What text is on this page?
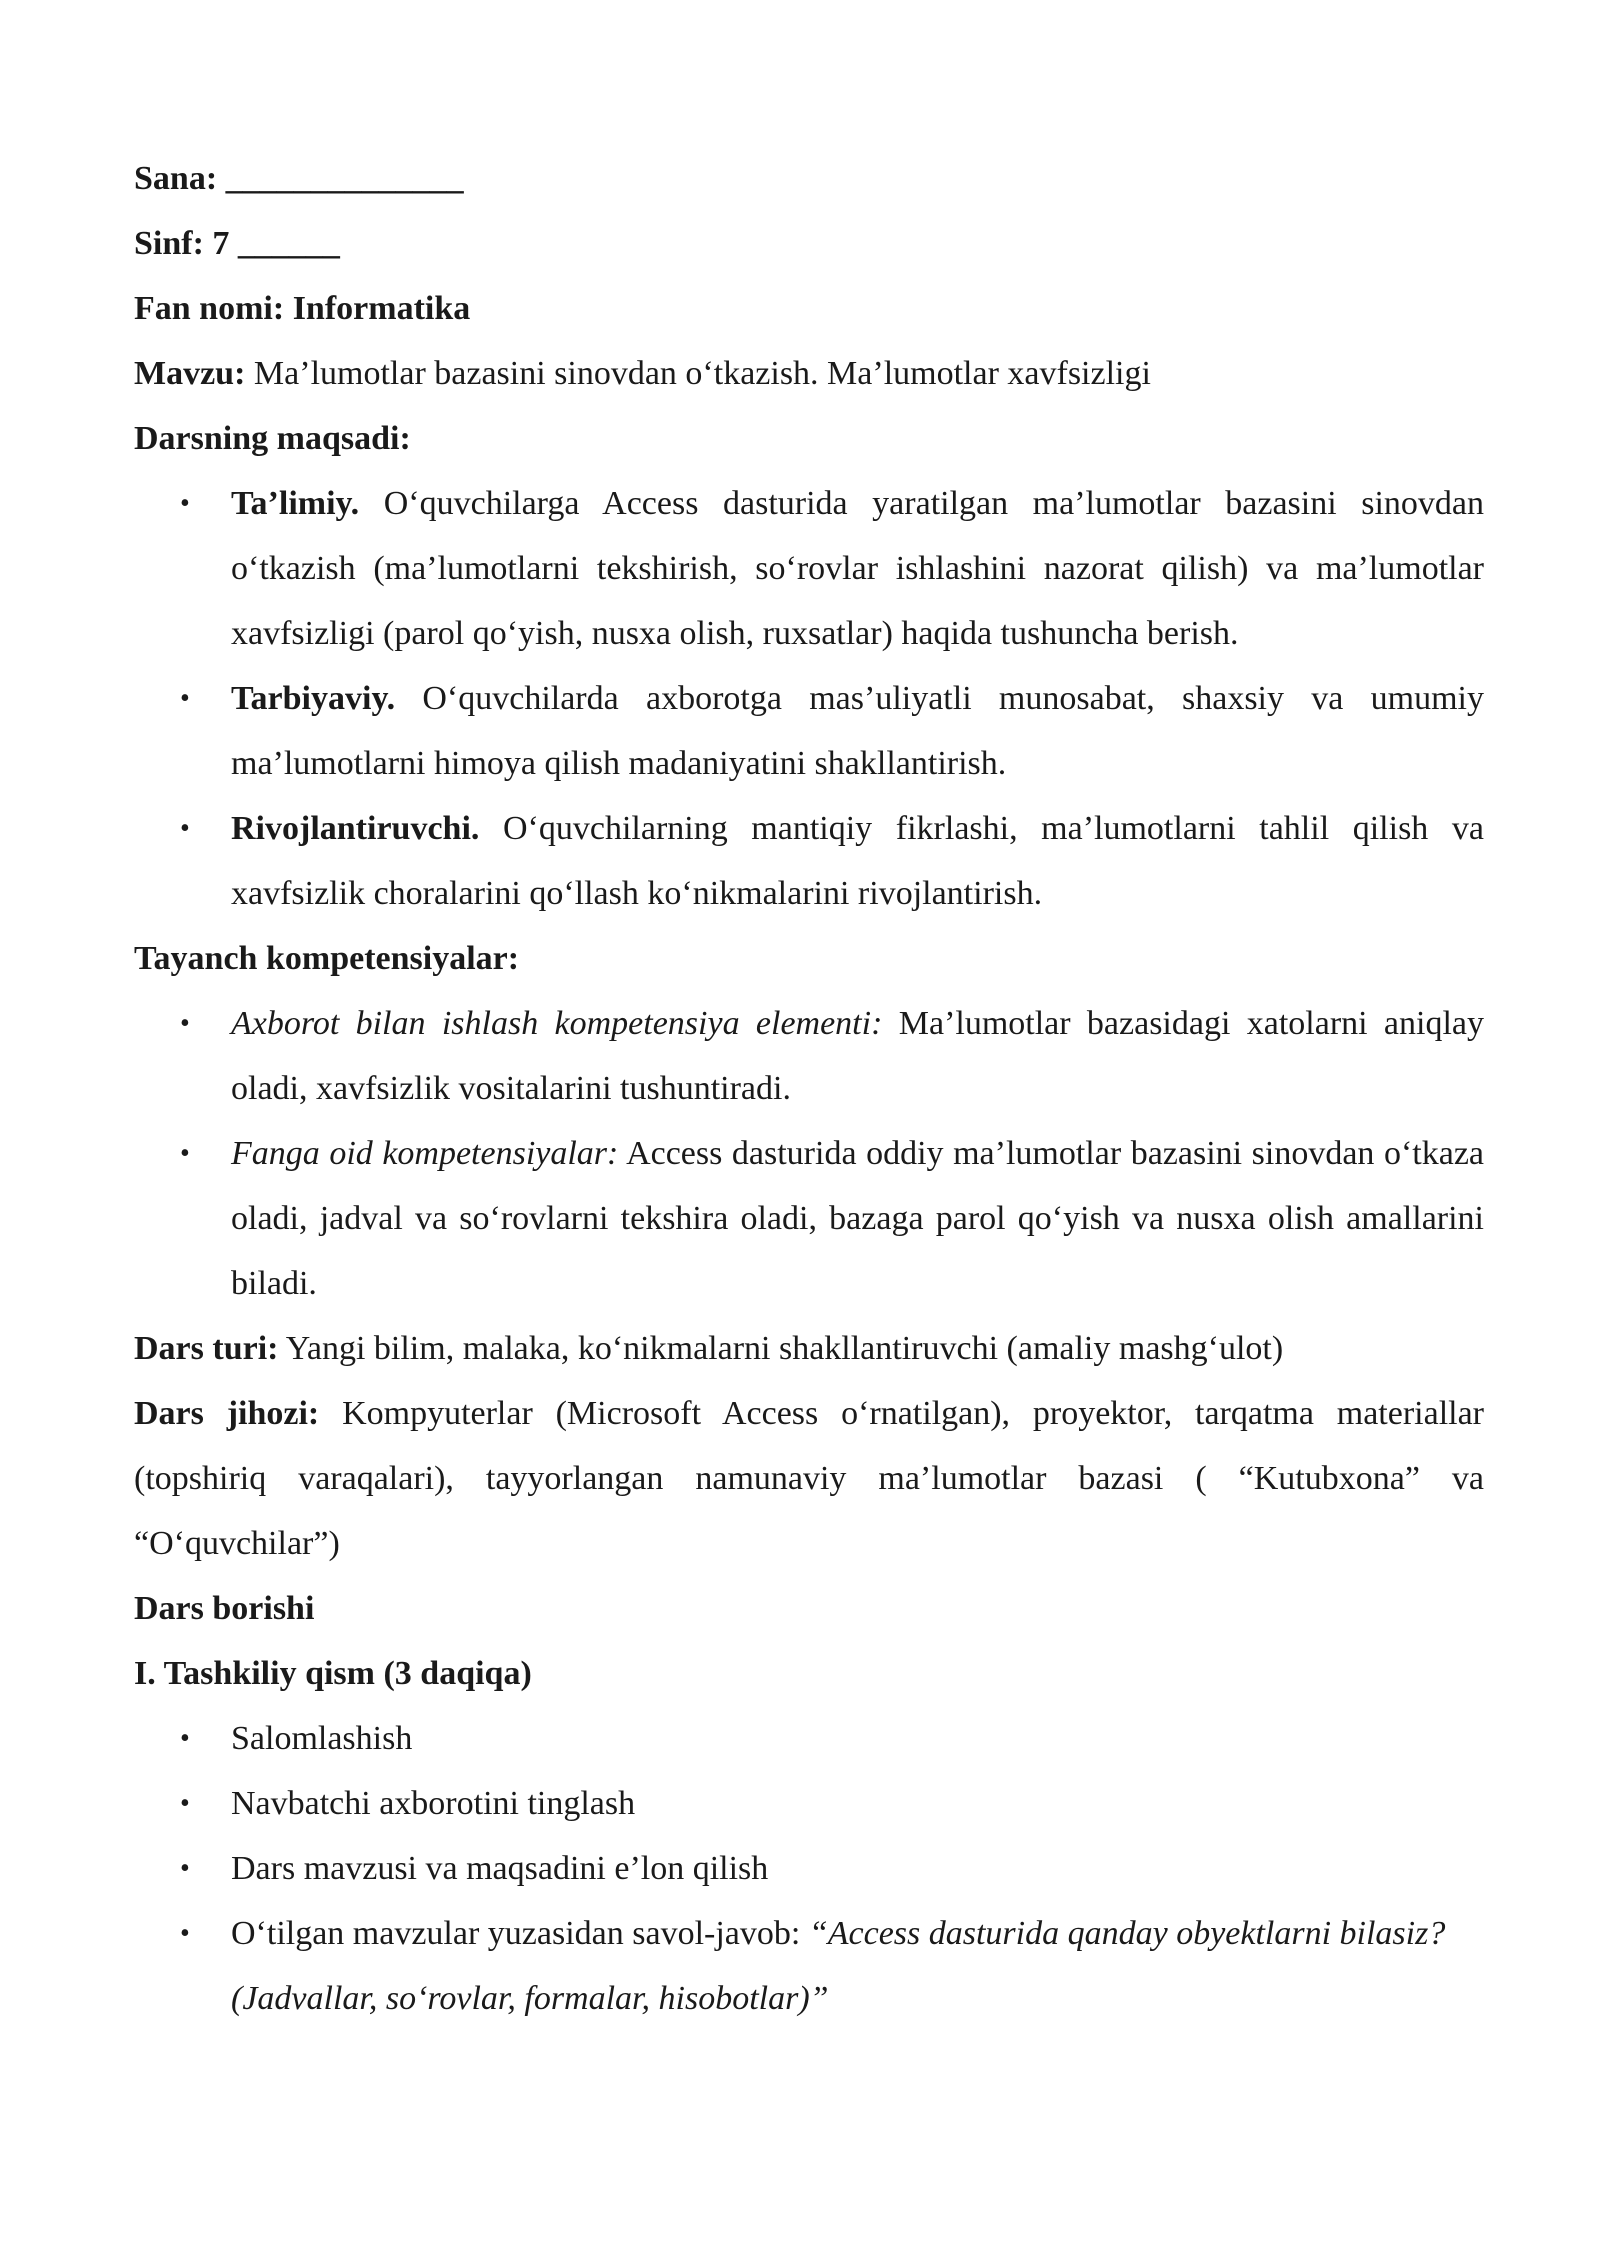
Sana: ______________

Sinf: 7 ______

Fan nomi: Informatika

Mavzu: Ma’lumotlar bazasini sinovdan o‘tkazish. Ma’lumotlar xavfsizligi

Darsning maqsadi:

• Ta’limiy. O‘quvchilarga Access dasturida yaratilgan ma’lumotlar bazasini sinovdan o‘tkazish (ma’lumotlarni tekshirish, so‘rovlar ishlashini nazorat qilish) va ma’lumotlar xavfsizligi (parol qo‘yish, nusxa olish, ruxsatlar) haqida tushuncha berish.
• Tarbiyaviy. O‘quvchilarda axborotga mas’uliyatli munosabat, shaxsiy va umumiy ma’lumotlarni himoya qilish madaniyatini shakllantirish.
• Rivojlantiruvchi. O‘quvchilarning mantiqiy fikrlashi, ma’lumotlarni tahlil qilish va xavfsizlik choralarini qo‘llash ko‘nikmalarini rivojlantirish.

Tayanch kompetensiyalar:

• Axborot bilan ishlash kompetensiya elementi: Ma’lumotlar bazasidagi xatolarni aniqlay oladi, xavfsizlik vositalarini tushuntiradi.
• Fanga oid kompetensiyalar: Access dasturida oddiy ma’lumotlar bazasini sinovdan o‘tkaza oladi, jadval va so‘rovlarni tekshira oladi, bazaga parol qo‘yish va nusxa olish amallarini biladi.

Dars turi: Yangi bilim, malaka, ko‘nikmalarni shakllantiruvchi (amaliy mashg‘ulot)

Dars jihozi: Kompyuterlar (Microsoft Access o‘rnatilgan), proyektor, tarqatma materiallar (topshiriq varaqalari), tayyorlangan namunaviy ma’lumotlar bazasi ( “Kutubxona” va “O‘quvchilar”)

Dars borishi

I. Tashkiliy qism (3 daqiqa)

• Salomlashish
• Navbatchi axborotini tinglash
• Dars mavzusi va maqsadini e’lon qilish
• O‘tilgan mavzular yuzasidan savol-javob: “Access dasturida qanday obyektlarni bilasiz? (Jadvallar, so‘rovlar, formalar, hisobotlar)”
